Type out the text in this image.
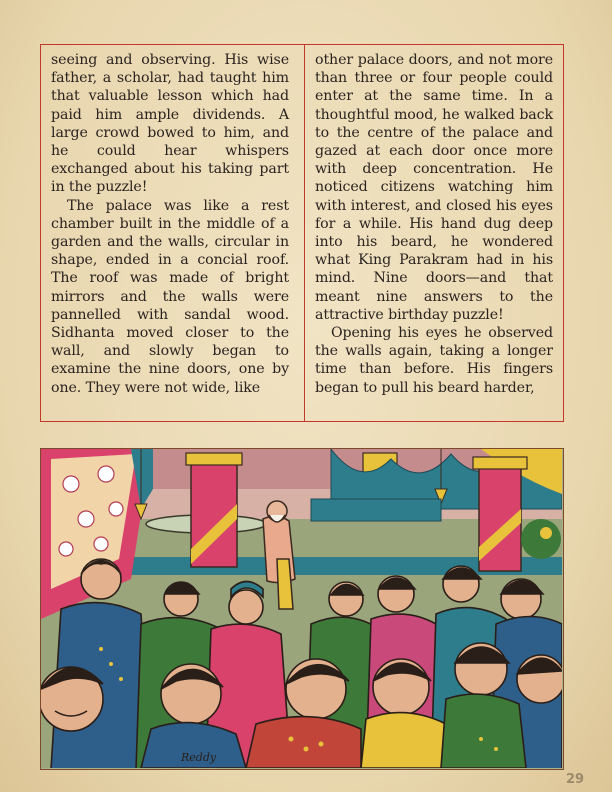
seeing and observing. His wise father, a scholar, had taught him that valuable lesson which had paid him ample dividends. A large crowd bowed to him, and he could hear whispers exchanged about his taking part in the puzzle!

The palace was like a rest chamber built in the middle of a garden and the walls, circular in shape, ended in a concial roof. The roof was made of bright mirrors and the walls were pannelled with sandal wood. Sidhanta moved closer to the wall, and slowly began to examine the nine doors, one by one. They were not wide, like

other palace doors, and not more than three or four people could enter at the same time. In a thoughtful mood, he walked back to the centre of the palace and gazed at each door once more with deep concentration. He noticed citizens watching him with interest, and closed his eyes for a while. His hand dug deep into his beard, he wondered what King Parakram had in his mind. Nine doors—and that meant nine answers to the attractive birthday puzzle!

Opening his eyes he observed the walls again, taking a longer time than before. His fingers began to pull his beard harder,

Reddy
29
